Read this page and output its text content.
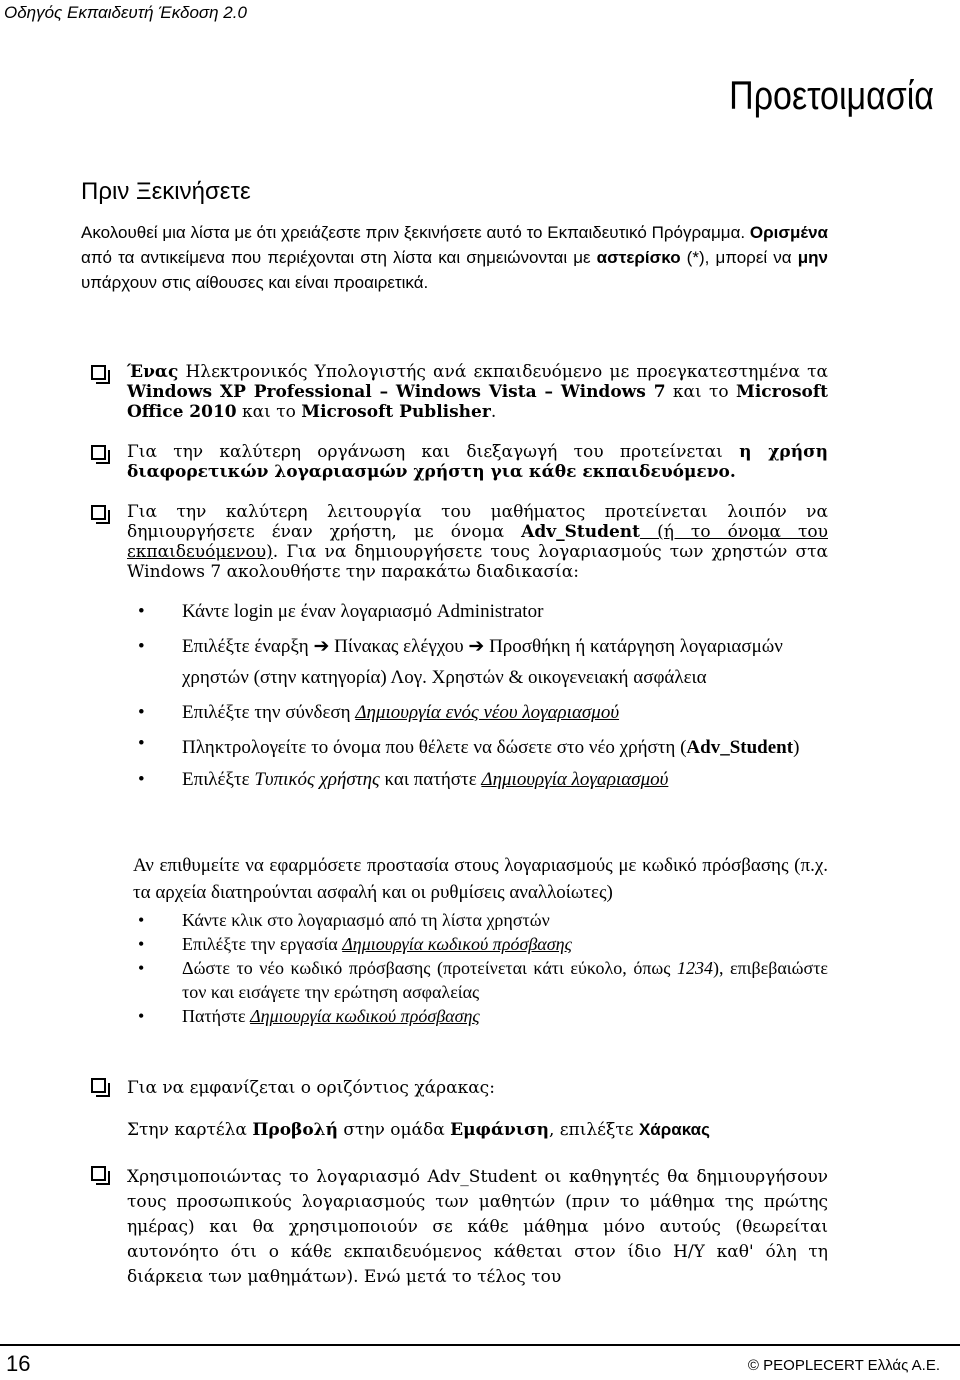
Οδηγός Εκπαιδευτή Έκδοση 2.0
Προετοιμασία
Πριν Ξεκινήσετε
Ακολουθεί μια λίστα με ότι χρειάζεστε πριν ξεκινήσετε αυτό το Εκπαιδευτικό Πρόγραμμα. Ορισμένα από τα αντικείμενα που περιέχονται στη λίστα και σημειώνονται με αστερίσκο (*), μπορεί να μην υπάρχουν στις αίθουσες και είναι προαιρετικά.
Ένας Ηλεκτρονικός Υπολογιστής ανά εκπαιδευόμενο με προεγκατεστημένα τα Windows XP Professional – Windows Vista – Windows 7 και το Microsoft Office 2010 και το Microsoft Publisher.
Για την καλύτερη οργάνωση και διεξαγωγή του προτείνεται η χρήση διαφορετικών λογαριασμών χρήστη για κάθε εκπαιδευόμενο.
Για την καλύτερη λειτουργία του μαθήματος προτείνεται λοιπόν να δημιουργήσετε έναν χρήστη, με όνομα Adv_Student (ή το όνομα του εκπαιδευόμενου). Για να δημιουργήσετε τους λογαριασμούς των χρηστών στα Windows 7 ακολουθήστε την παρακάτω διαδικασία:
• Κάντε login με έναν λογαριασμό Administrator
• Επιλέξτε έναρξη ➔ Πίνακας ελέγχου ➔ Προσθήκη ή κατάργηση λογαριασμών χρηστών (στην κατηγορία) Λογ. Χρηστών & οικογενειακή ασφάλεια
• Επιλέξτε την σύνδεση Δημιουργία ενός νέου λογαριασμού
• Πληκτρολογείτε το όνομα που θέλετε να δώσετε στο νέο χρήστη (Adv_Student)
• Επιλέξτε Τυπικός χρήστης και πατήστε Δημιουργία λογαριασμού
Αν επιθυμείτε να εφαρμόσετε προστασία στους λογαριασμούς με κωδικό πρόσβασης (π.χ. τα αρχεία διατηρούνται ασφαλή και οι ρυθμίσεις αναλλοίωτες)
• Κάντε κλικ στο λογαριασμό από τη λίστα χρηστών
• Επιλέξτε την εργασία Δημιουργία κωδικού πρόσβασης
• Δώστε το νέο κωδικό πρόσβασης (προτείνεται κάτι εύκολο, όπως 1234), επιβεβαιώστε τον και εισάγετε την ερώτηση ασφαλείας
• Πατήστε Δημιουργία κωδικού πρόσβασης
Για να εμφανίζεται ο οριζόντιος χάρακας:
Στην καρτέλα Προβολή στην ομάδα Εμφάνιση, επιλέξτε Χάρακας
Χρησιμοποιώντας το λογαριασμό Adv_Student οι καθηγητές θα δημιουργήσουν τους προσωπικούς λογαριασμούς των μαθητών (πριν το μάθημα της πρώτης ημέρας) και θα χρησιμοποιούν σε κάθε μάθημα μόνο αυτούς (θεωρείται αυτονόητο ότι ο κάθε εκπαιδευόμενος κάθεται στον ίδιο Η/Υ καθ' όλη τη διάρκεια των μαθημάτων). Ενώ μετά το τέλος του
16	© PEOPLECERT Ελλάς Α.Ε.
